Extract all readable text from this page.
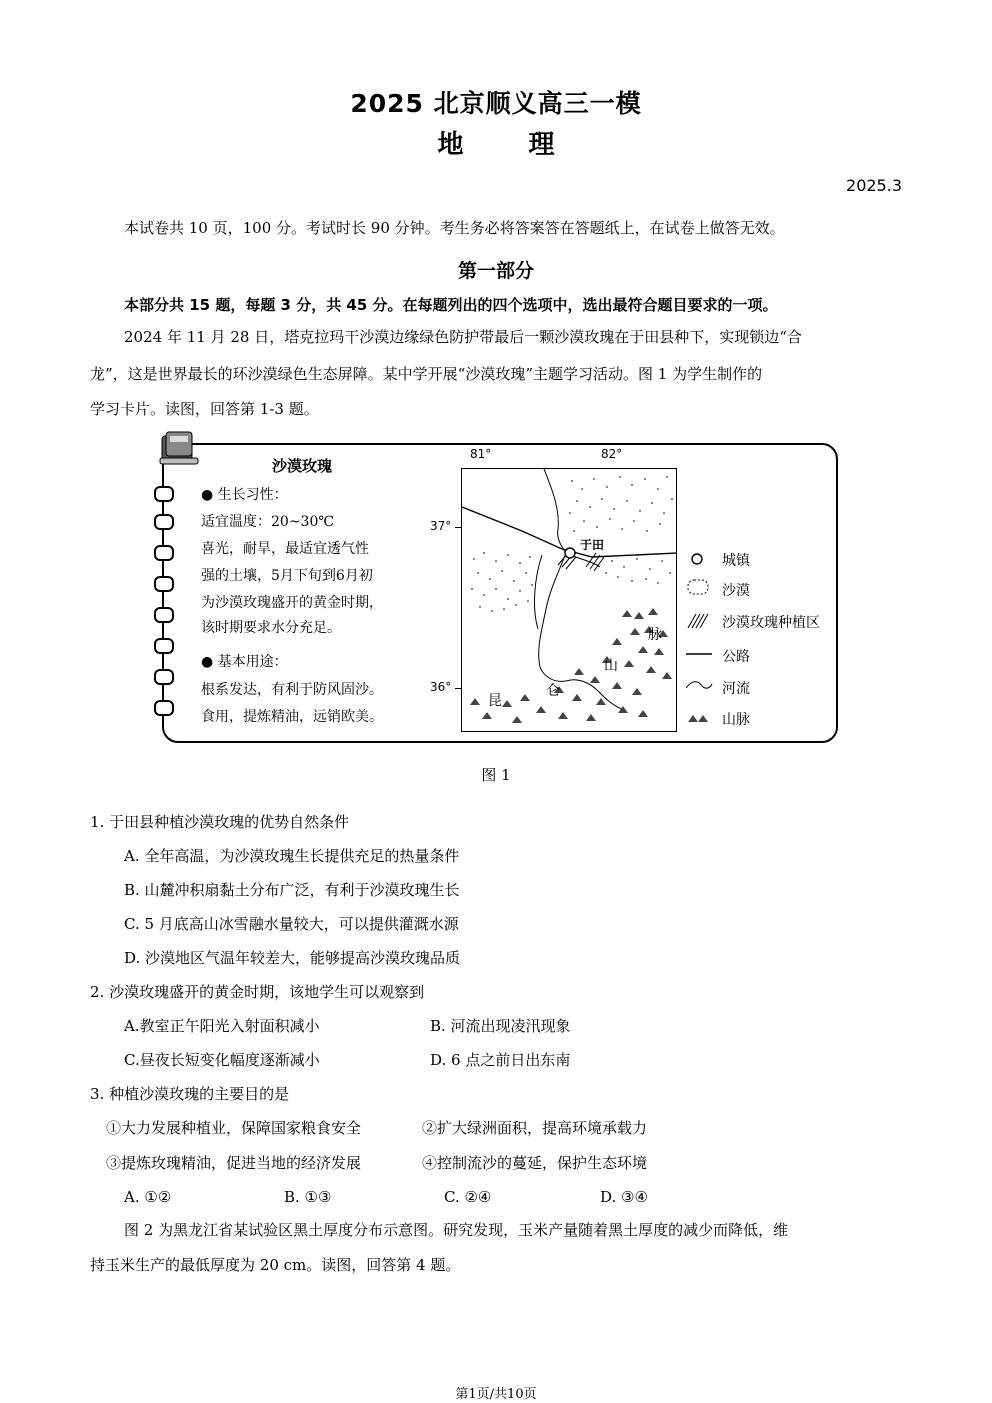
2025 北京顺义高三一模
地 理
2025.3
本试卷共 10 页，100 分。考试时长 90 分钟。考生务必将答案答在答题纸上，在试卷上做答无效。
第一部分
本部分共 15 题，每题 3 分，共 45 分。在每题列出的四个选项中，选出最符合题目要求的一项。
2024 年 11 月 28 日，塔克拉玛干沙漠边缘绿色防护带最后一颗沙漠玫瑰在于田县种下，实现锁边“合
龙”，这是世界最长的环沙漠绿色生态屏障。某中学开展“沙漠玫瑰”主题学习活动。图 1 为学生制作的
学习卡片。读图，回答第 1-3 题。
沙漠玫瑰
● 生长习性：
适宜温度：20~30℃
喜光，耐旱，最适宜透气性
强的土壤，5月下旬到6月初
为沙漠玫瑰盛开的黄金时期，
该时期要求水分充足。
● 基本用途：
根系发达，有利于防风固沙。
食用，提炼精油，远销欧美。
81°	82°
37°
36°
于田
昆
仑
山
脉
城镇
沙漠
沙漠玫瑰种植区
公路
河流
山脉
图 1
1. 于田县种植沙漠玫瑰的优势自然条件
A. 全年高温，为沙漠玫瑰生长提供充足的热量条件
B. 山麓冲积扇黏土分布广泛，有利于沙漠玫瑰生长
C. 5 月底高山冰雪融水量较大，可以提供灌溉水源
D. 沙漠地区气温年较差大，能够提高沙漠玫瑰品质
2. 沙漠玫瑰盛开的黄金时期，该地学生可以观察到
A.教室正午阳光入射面积减小	B. 河流出现凌汛现象
C.昼夜长短变化幅度逐渐减小	D. 6 点之前日出东南
3. 种植沙漠玫瑰的主要目的是
①大力发展种植业，保障国家粮食安全	②扩大绿洲面积，提高环境承载力
③提炼玫瑰精油，促进当地的经济发展	④控制流沙的蔓延，保护生态环境
A. ①②	B. ①③	C. ②④	D. ③④
图 2 为黑龙江省某试验区黑土厚度分布示意图。研究发现，玉米产量随着黑土厚度的减少而降低，维
持玉米生产的最低厚度为 20 cm。读图，回答第 4 题。
第1页/共10页
